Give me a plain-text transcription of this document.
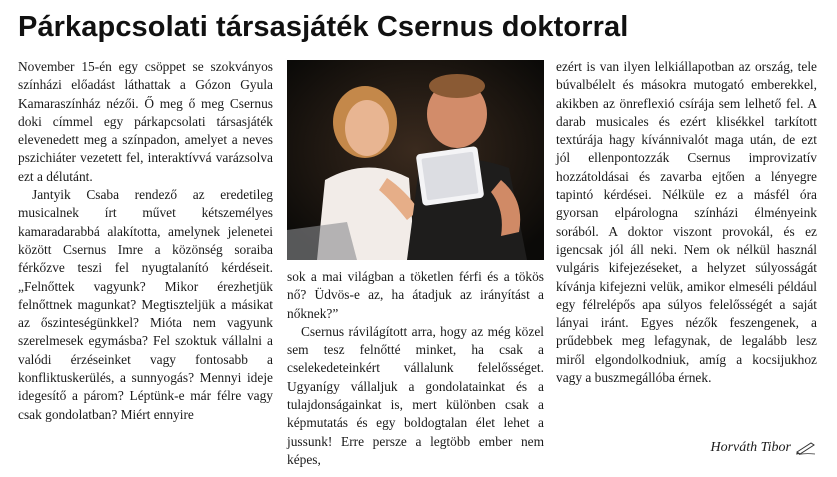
Párkapcsolati társasjáték Csernus doktorral

November 15-én egy csöppet se szokványos színházi előadást láthattak a Gózon Gyula Kamaraszínház nézői. Ő meg ő meg Csernus doki címmel egy párkapcsolati társasjáték elevenedett meg a színpadon, amelyet a neves pszichiáter vezetett fel, interaktívvá varázsolva ezt a délutánt.

Jantyik Csaba rendező az eredetileg musicalnek írt művet kétszemélyes kamaradarabbá alakította, amelynek jelenetei között Csernus Imre a közönség soraiba férkőzve teszi fel nyugtalanító kérdéseit. „Felnőttek vagyunk? Mikor érezhetjük felnőttnek magunkat? Megtiszteljük a másikat az őszinteségünkkel? Mióta nem vagyunk szerelmesek egymásba? Fel szoktuk vállalni a valódi érzéseinket vagy fontosabb a konfliktuskerülés, a sunnyogás? Mennyi ideje idegesítő a párom? Léptünk-e már félre vagy csak gondolatban? Miért ennyire

sok a mai világban a töketlen férfi és a tökös nő? Üdvös-e az, ha átadjuk az irányítást a nőknek?”

Csernus rávilágított arra, hogy az még közel sem tesz felnőtté minket, ha csak a cselekedeteinkért vállalunk felelősséget. Ugyanígy vállaljuk a gondolatainkat és a tulajdonságainkat is, mert különben csak a képmutatás és egy boldogtalan élet lehet a jussunk! Erre persze a legtöbb ember nem képes,

ezért is van ilyen lelkiállapotban az ország, tele búvalbélelt és másokra mutogató emberekkel, akikben az önreflexió csírája sem lelhető fel. A darab musicales és ezért klisékkel tarkított textúrája hagy kívánnivalót maga után, de ezt jól ellenpontozzák Csernus improvizatív hozzátoldásai és zavarba ejtően a lényegre tapintó kérdései. Nélküle ez a másfél óra gyorsan elpárologna színházi élményeink sorából. A doktor viszont provokál, és ez igencsak jól áll neki. Nem ok nélkül használ vulgáris kifejezéseket, a helyzet súlyosságát kívánja kifejezni velük, amikor elmeséli például egy félrelépős apa súlyos felelősségét a saját lányai iránt. Egyes nézők feszengenek, a prűdebbek meg lefagynak, de legalább lesz miről elgondolkodniuk, amíg a kocsijukhoz vagy a buszmegállóba érnek.

Horváth Tibor
